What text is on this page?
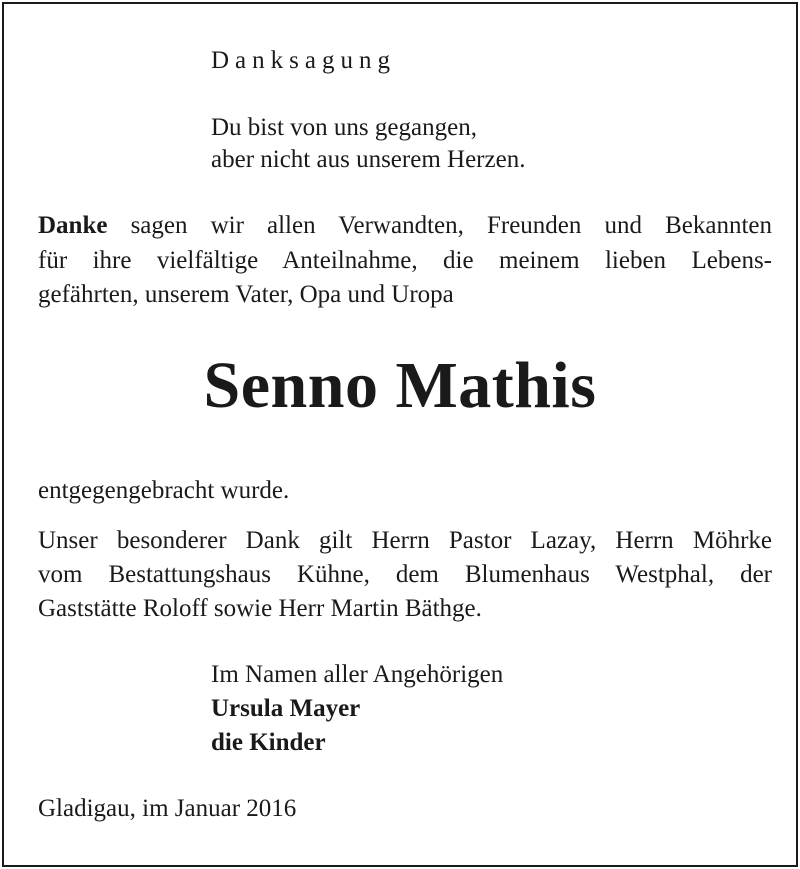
Danksagung
Du bist von uns gegangen,
aber nicht aus unserem Herzen.
Danke sagen wir allen Verwandten, Freunden und Bekannten
für ihre vielfältige Anteilnahme, die meinem lieben Lebens-
gefährten, unserem Vater, Opa und Uropa
Senno Mathis
entgegengebracht wurde.
Unser besonderer Dank gilt Herrn Pastor Lazay, Herrn Möhrke
vom Bestattungshaus Kühne, dem Blumenhaus Westphal, der
Gaststätte Roloff sowie Herr Martin Bäthge.
Im Namen aller Angehörigen
Ursula Mayer
die Kinder
Gladigau, im Januar 2016
